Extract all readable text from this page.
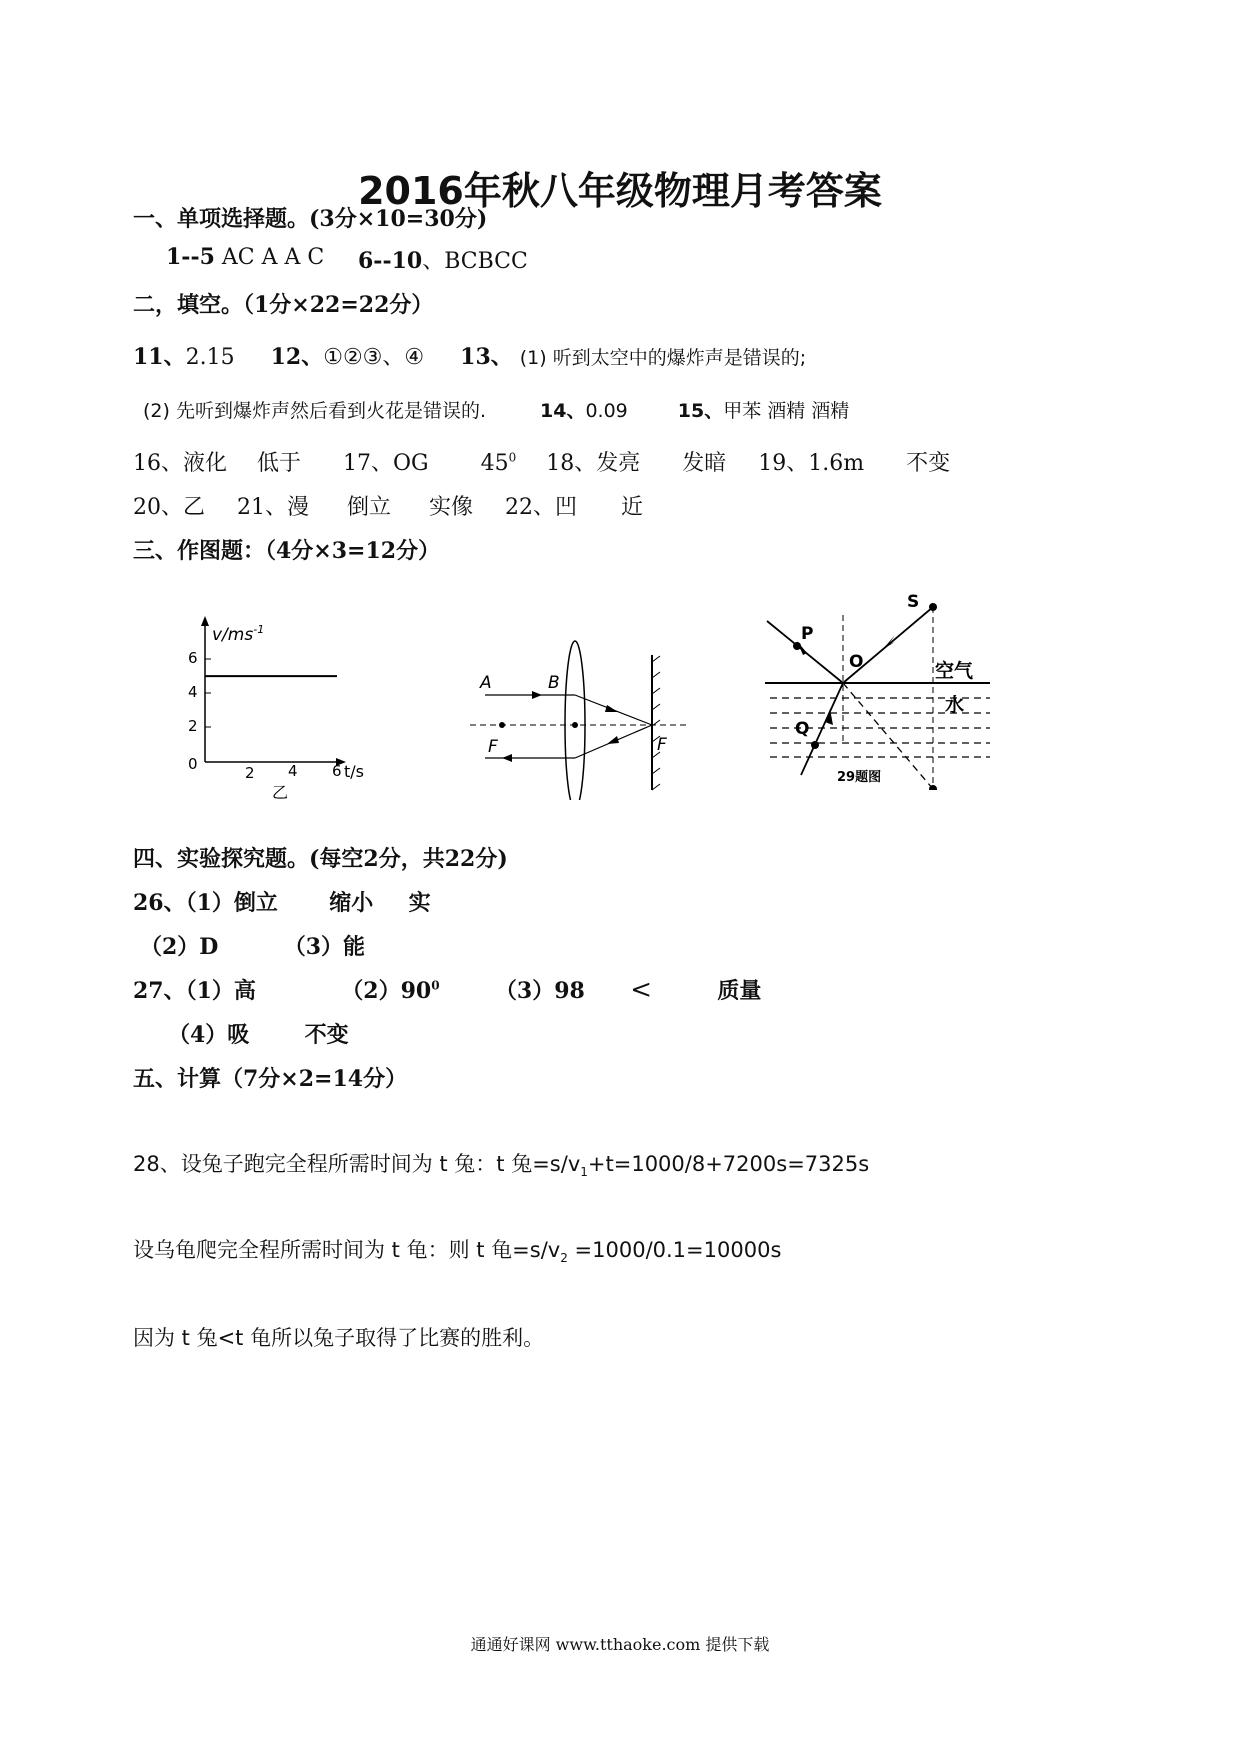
2016年秋八年级物理月考答案
一、单项选择题。(3分×10=30分)
1--5 AC A A C 6--10、BCBCC
二，填空。（1分×22=22分）
11、2.15 12、①②③、④ 13、 (1) 听到太空中的爆炸声是错误的;
(2) 先听到爆炸声然后看到火花是错误的.	14、0.09	15、甲苯 酒精 酒精
16、液化 低于 17、OG $45^0$ 18、发亮 发暗 19、1.6m 不变
20、乙 21、漫 倒立 实像 22、凹 近
三、作图题：（4分×3=12分）
$v/ms^{-1}$
6
4
2
0	2 4 6 t/s
乙
A	B
F	F
S
P
O
Q
空气
水
29题图
四、实验探究题。(每空2分，共22分)
26、（1）倒立 缩小 实
（2）D	（3）能
27、（1）高	$(2)90^0$	（3）98 <	质量
（4）吸	不变
五、计算（7分×2=14分）
28、设兔子跑完全程所需时间为 t 兔：t 兔$=s/v_1+t=1000/8+7200s=7325s$
设乌龟爬完全程所需时间为 t 龟：则 t 龟$=s/v_2 =1000/0.1=10000s$
因为 t 兔<t 龟所以兔子取得了比赛的胜利。
通通好课网 www.tthaoke.com 提供下载
